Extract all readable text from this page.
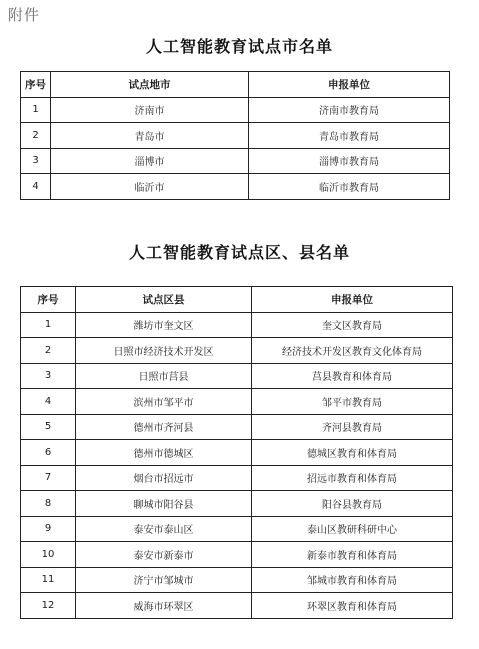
附件
人工智能教育试点市名单
序号	试点地市	申报单位
1	济南市	济南市教育局
2	青岛市	青岛市教育局
3	淄博市	淄博市教育局
4	临沂市	临沂市教育局
人工智能教育试点区、县名单
序号	试点区县	申报单位
1	潍坊市奎文区	奎文区教育局
2	日照市经济技术开发区	经济技术开发区教育文化体育局
3	日照市莒县	莒县教育和体育局
4	滨州市邹平市	邹平市教育局
5	德州市齐河县	齐河县教育局
6	德州市德城区	德城区教育和体育局
7	烟台市招远市	招远市教育和体育局
8	聊城市阳谷县	阳谷县教育局
9	泰安市泰山区	泰山区教研科研中心
10	泰安市新泰市	新泰市教育和体育局
11	济宁市邹城市	邹城市教育和体育局
12	威海市环翠区	环翠区教育和体育局
